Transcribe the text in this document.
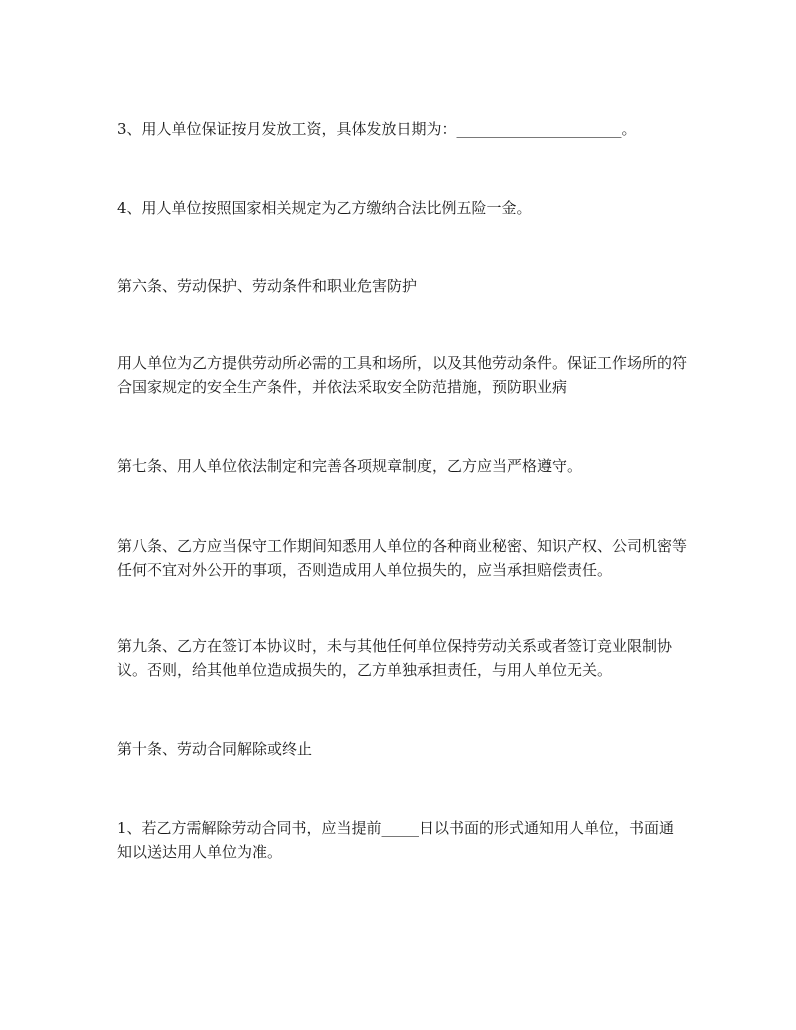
3、用人单位保证按月发放工资，具体发放日期为：______________________。

4、用人单位按照国家相关规定为乙方缴纳合法比例五险一金。

第六条、劳动保护、劳动条件和职业危害防护

用人单位为乙方提供劳动所必需的工具和场所，以及其他劳动条件。保证工作场所的符合国家规定的安全生产条件，并依法采取安全防范措施，预防职业病

第七条、用人单位依法制定和完善各项规章制度，乙方应当严格遵守。

第八条、乙方应当保守工作期间知悉用人单位的各种商业秘密、知识产权、公司机密等任何不宜对外公开的事项，否则造成用人单位损失的，应当承担赔偿责任。

第九条、乙方在签订本协议时，未与其他任何单位保持劳动关系或者签订竞业限制协议。否则，给其他单位造成损失的，乙方单独承担责任，与用人单位无关。

第十条、劳动合同解除或终止

1、若乙方需解除劳动合同书，应当提前_____日以书面的形式通知用人单位，书面通知以送达用人单位为准。
